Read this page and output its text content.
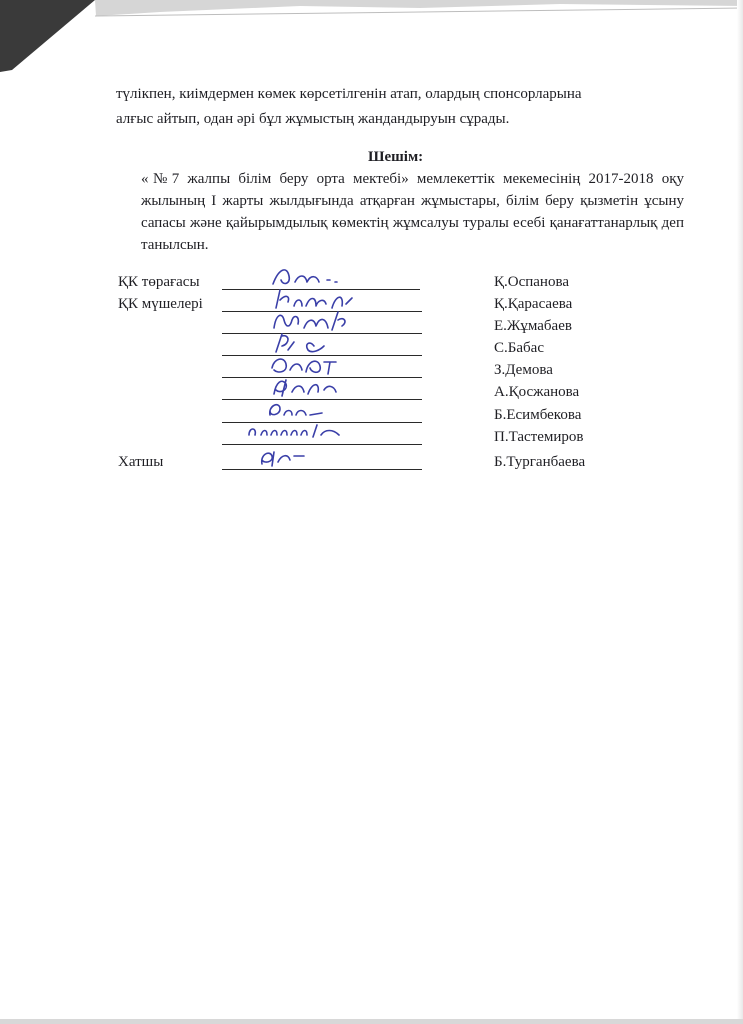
түлікпен, киімдермен көмек көрсетілгенін атап, олардың спонсорларына
алғыс айтып, одан әрі бұл жұмыстың жандандыруын сұрады.
Шешім:
«№7 жалпы білім беру орта мектебі» мемлекеттік мекемесінің 2017-2018 оқу жылының І жарты жылдығында атқарған жұмыстары, білім беру қызметін ұсыну сапасы және қайырымдылық көмектің жұмсалуы туралы есебі қанағаттанарлық деп танылсын.
ҚК төрағасы	Қ.Оспанова
ҚК мүшелері	Қ.Қарасаева
Е.Жұмабаев
С.Бабас
З.Демова
А.Қосжанова
Б.Есимбекова
П.Тастемиров
Хатшы	Б.Турганбаева
